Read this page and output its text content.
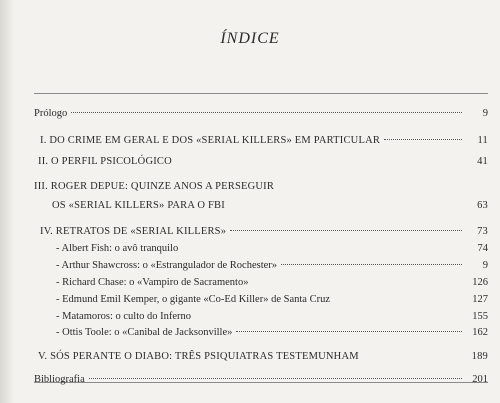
ÍNDICE
Prólogo	9
I. DO CRIME EM GERAL E DOS «SERIAL KILLERS» EM PARTICULAR	11
II. O PERFIL PSICOLÓGICO	41
III. ROGER DEPUE: QUINZE ANOS A PERSEGUIR
OS «SERIAL KILLERS» PARA O FBI	63
IV. RETRATOS DE «SERIAL KILLERS»	73
- Albert Fish: o avô tranquilo	74
- Arthur Shawcross: o «Estrangulador de Rochester»	9
- Richard Chase: o «Vampiro de Sacramento»	126
- Edmund Emil Kemper, o gigante «Co-Ed Killer» de Santa Cruz	127
- Matamoros: o culto do Inferno	155
- Ottis Toole: o «Canibal de Jacksonville»	162
V. SÓS PERANTE O DIABO: TRÊS PSIQUIATRAS TESTEMUNHAM	189
Bibliografia	201
